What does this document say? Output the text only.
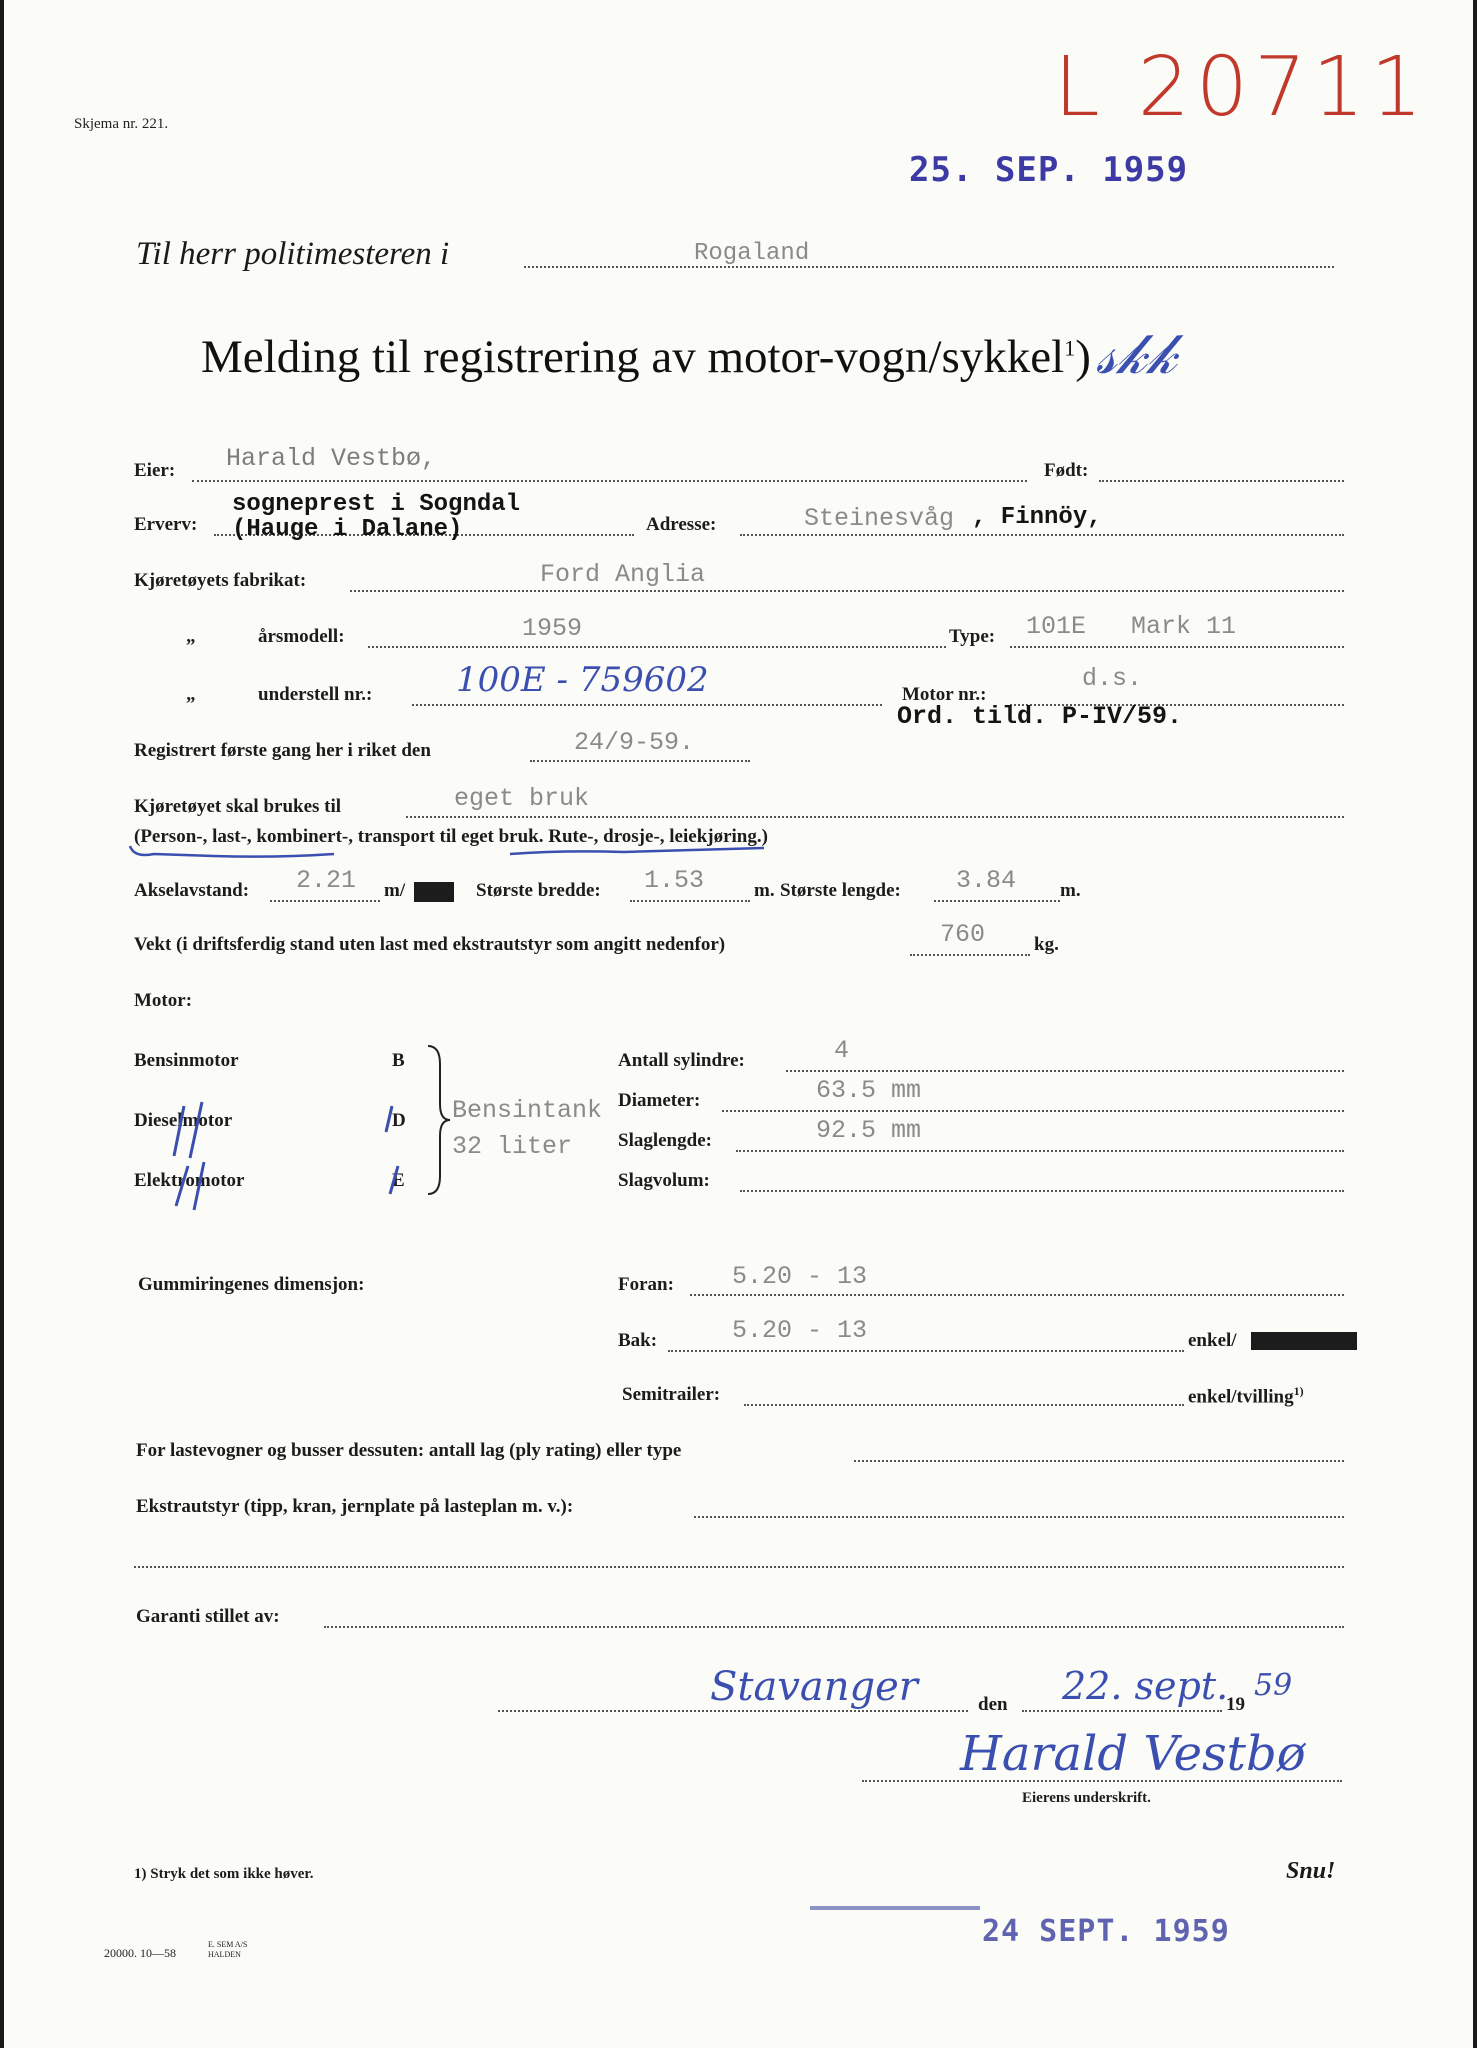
Skjema nr. 221.	L 20711
25. SEP. 1959
Til herr politimesteren i	Rogaland
Melding til registrering av motor-vogn/sykkel$^1$) 𝓈𝓀𝓀
Eier: Harald Vestbø,	Født:
sogneprest i Sogndal
Erverv: (Hauge i Dalane)	Adresse:	Steinesvåg , Finnöy,
Kjøretøyets fabrikat:	Ford Anglia
„	årsmodell:	1959	Type: 101E   Mark 11
„	understell nr.: 100E - 759602	Motor nr.:
d.s.
Ord. tild. P-IV/59.
Registrert første gang her i riket den	24/9-59.
Kjøretøyet skal brukes til	eget bruk
(Person-, last-, kombinert-, transport til eget bruk. Rute-, drosje-, leiekjøring.)
Akselavstand: 2.21 m/	Største bredde: 1.53	m. Største lengde: 3.84 m.
Vekt (i driftsferdig stand uten last med ekstrautstyr som angitt nedenfor)	760	kg.
Motor:
Bensinmotor	B
Dieselmotor	D
Elektromotor	E
Bensintank
32 liter
Antall sylindre:	4
Diameter:	63.5 mm
Slaglengde:	92.5 mm
Slagvolum:
Gummiringenes dimensjon:	Foran: 5.20 - 13
Bak:	5.20 - 13	enkel/
Semitrailer:	enkel/tvilling$^{1)}$
For lastevogner og busser dessuten: antall lag (ply rating) eller type
Ekstrautstyr (tipp, kran, jernplate på lasteplan m. v.):
Garanti stillet av:
Stavanger	den 22. sept.
19
59
Harald Vestbø
Eierens underskrift.
1) Stryk det som ikke høver.	Snu!
20000. 10—58
E. SEM A/S
HALDEN
24 SEPT. 1959
